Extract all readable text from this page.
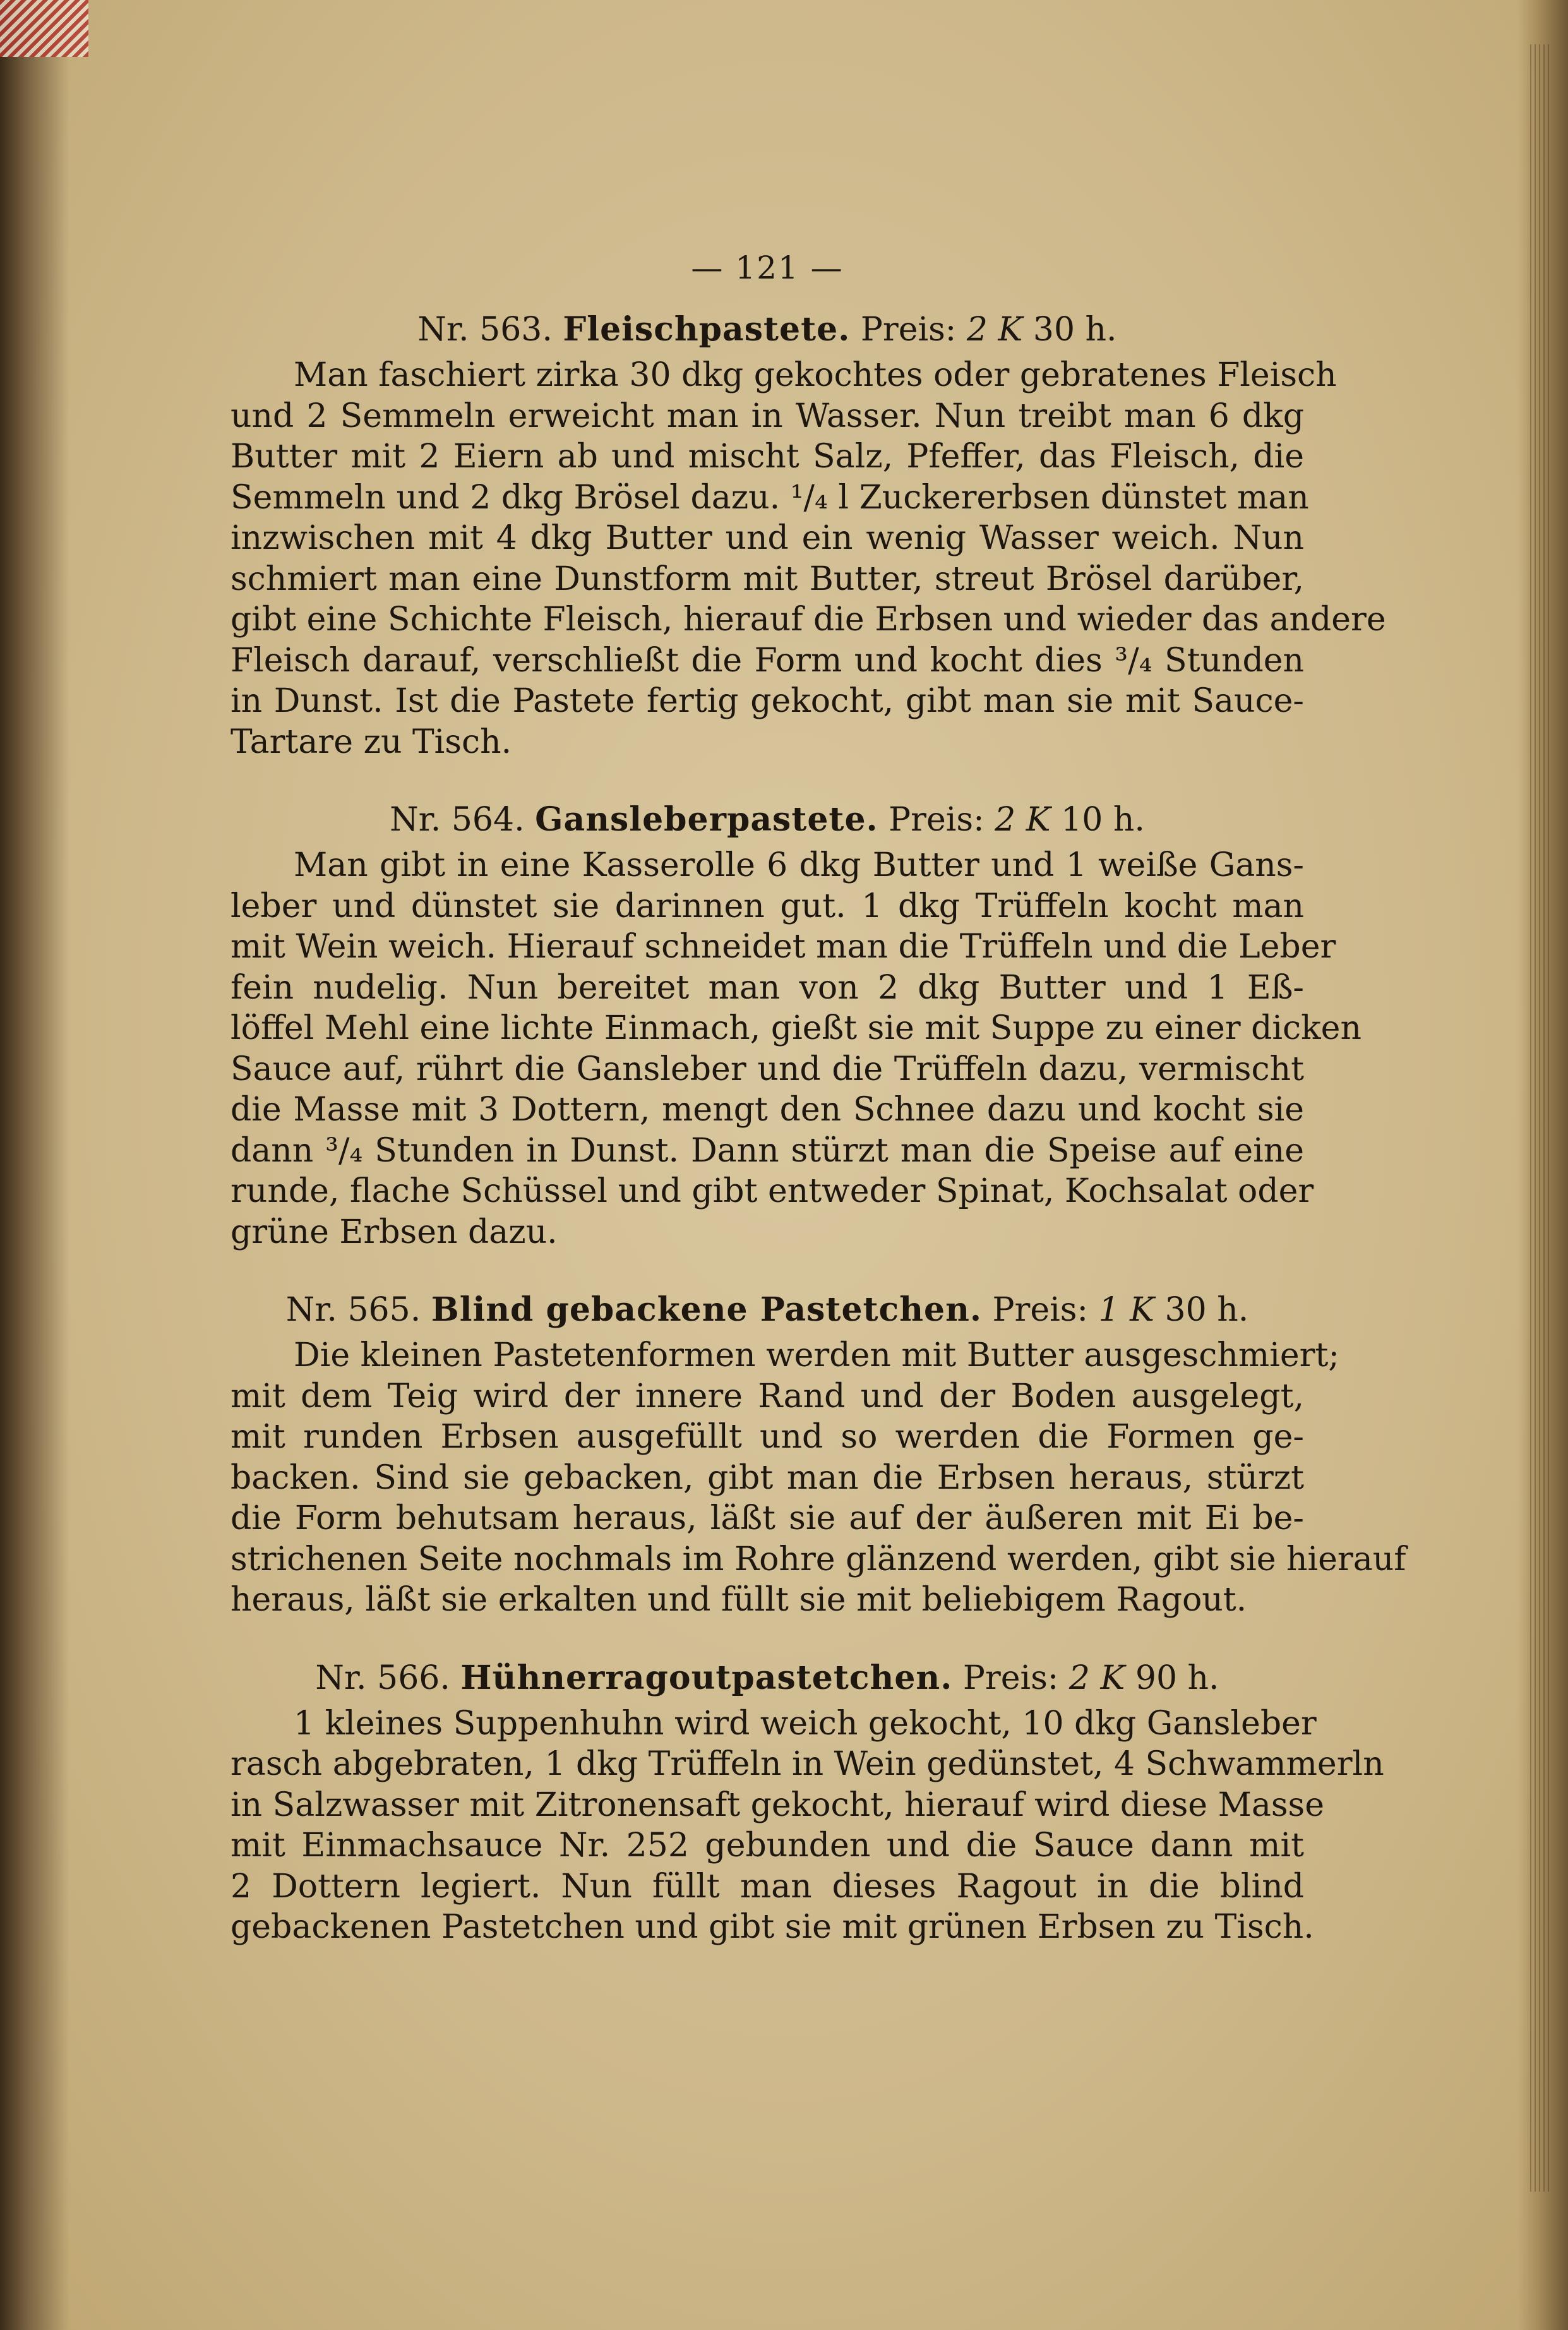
— 121 —
Nr. 563. Fleischpastete. Preis: 2 K 30 h.
Man faschiert zirka 30 dkg gekochtes oder gebratenes Fleisch
und 2 Semmeln erweicht man in Wasser. Nun treibt man 6 dkg
Butter mit 2 Eiern ab und mischt Salz, Pfeffer, das Fleisch, die
Semmeln und 2 dkg Brösel dazu. ¹/₄ l Zuckererbsen dünstet man
inzwischen mit 4 dkg Butter und ein wenig Wasser weich. Nun
schmiert man eine Dunstform mit Butter, streut Brösel darüber,
gibt eine Schichte Fleisch, hierauf die Erbsen und wieder das andere
Fleisch darauf, verschließt die Form und kocht dies ³/₄ Stunden
in Dunst. Ist die Pastete fertig gekocht, gibt man sie mit Sauce-
Tartare zu Tisch.
Nr. 564. Gansleberpastete. Preis: 2 K 10 h.
Man gibt in eine Kasserolle 6 dkg Butter und 1 weiße Gans-
leber und dünstet sie darinnen gut. 1 dkg Trüffeln kocht man
mit Wein weich. Hierauf schneidet man die Trüffeln und die Leber
fein nudelig. Nun bereitet man von 2 dkg Butter und 1 Eß-
löffel Mehl eine lichte Einmach, gießt sie mit Suppe zu einer dicken
Sauce auf, rührt die Gansleber und die Trüffeln dazu, vermischt
die Masse mit 3 Dottern, mengt den Schnee dazu und kocht sie
dann ³/₄ Stunden in Dunst. Dann stürzt man die Speise auf eine
runde, flache Schüssel und gibt entweder Spinat, Kochsalat oder
grüne Erbsen dazu.
Nr. 565. Blind gebackene Pastetchen. Preis: 1 K 30 h.
Die kleinen Pastetenformen werden mit Butter ausgeschmiert;
mit dem Teig wird der innere Rand und der Boden ausgelegt,
mit runden Erbsen ausgefüllt und so werden die Formen ge-
backen. Sind sie gebacken, gibt man die Erbsen heraus, stürzt
die Form behutsam heraus, läßt sie auf der äußeren mit Ei be-
strichenen Seite nochmals im Rohre glänzend werden, gibt sie hierauf
heraus, läßt sie erkalten und füllt sie mit beliebigem Ragout.
Nr. 566. Hühnerragoutpastetchen. Preis: 2 K 90 h.
1 kleines Suppenhuhn wird weich gekocht, 10 dkg Gansleber
rasch abgebraten, 1 dkg Trüffeln in Wein gedünstet, 4 Schwammerln
in Salzwasser mit Zitronensaft gekocht, hierauf wird diese Masse
mit Einmachsauce Nr. 252 gebunden und die Sauce dann mit
2 Dottern legiert. Nun füllt man dieses Ragout in die blind
gebackenen Pastetchen und gibt sie mit grünen Erbsen zu Tisch.
